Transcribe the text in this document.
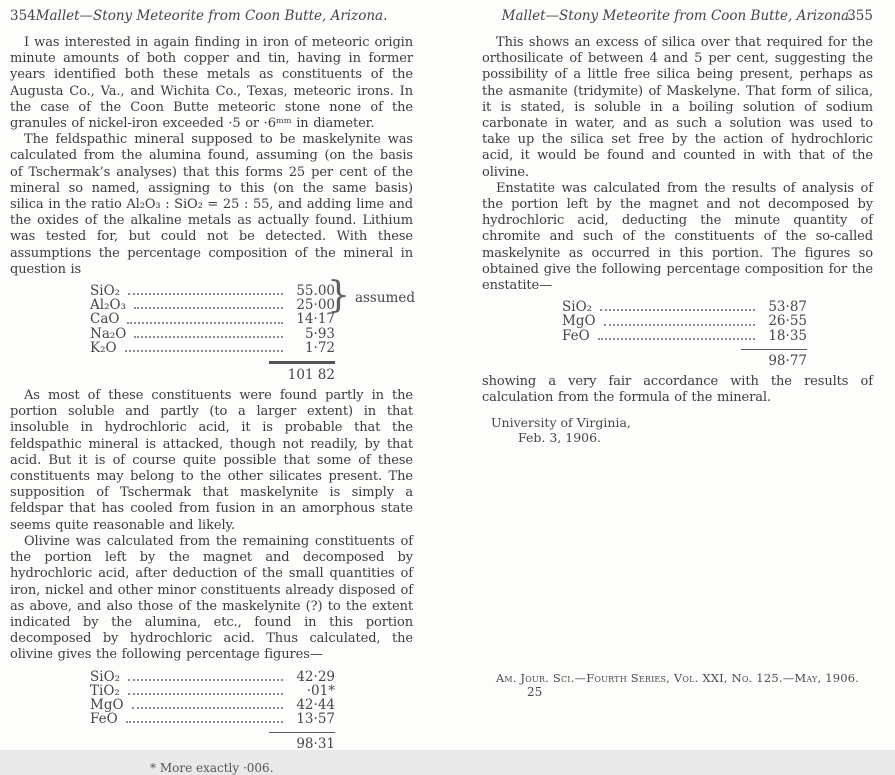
354 Mallet—Stony Meteorite from Coon Butte, Arizona.

I was interested in again finding in iron of meteoric origin minute amounts of both copper and tin, having in former years identified both these metals as constituents of the Augusta Co., Va., and Wichita Co., Texas, meteoric irons. In the case of the Coon Butte meteoric stone none of the granules of nickel-iron exceeded ·5 or ·6ᵐᵐ in diameter.

The feldspathic mineral supposed to be maskelynite was calculated from the alumina found, assuming (on the basis of Tschermak’s analyses) that this forms 25 per cent of the mineral so named, assigning to this (on the same basis) silica in the ratio Al₂O₃ : SiO₂ = 25 : 55, and adding lime and the oxides of the alkaline metals as actually found. Lithium was tested for, but could not be detected. With these assumptions the percentage composition of the mineral in question is

SiO₂	55.00
Al₂O₃	25·00
CaO	14·17
Na₂O	5·93
K₂O	1·72
} assumed
101 82

As most of these constituents were found partly in the portion soluble and partly (to a larger extent) in that insoluble in hydrochloric acid, it is probable that the feldspathic mineral is attacked, though not readily, by that acid. But it is of course quite possible that some of these constituents may belong to the other silicates present. The supposition of Tschermak that maskelynite is simply a feldspar that has cooled from fusion in an amorphous state seems quite reasonable and likely.

Olivine was calculated from the remaining constituents of the portion left by the magnet and decomposed by hydrochloric acid, after deduction of the small quantities of iron, nickel and other minor constituents already disposed of as above, and also those of the maskelynite (?) to the extent indicated by the alumina, etc., found in this portion decomposed by hydrochloric acid. Thus calculated, the olivine gives the following percentage figures—

SiO₂	42·29
TiO₂	·01*
MgO	42·44
FeO	13·57
98·31
* More exactly ·006.
Mallet—Stony Meteorite from Coon Butte, Arizona.
355

This shows an excess of silica over that required for the orthosilicate of between 4 and 5 per cent, suggesting the possibility of a little free silica being present, perhaps as the asmanite (tridymite) of Maskelyne. That form of silica, it is stated, is soluble in a boiling solution of sodium carbonate in water, and as such a solution was used to take up the silica set free by the action of hydrochloric acid, it would be found and counted in with that of the olivine.

Enstatite was calculated from the results of analysis of the portion left by the magnet and not decomposed by hydrochloric acid, deducting the minute quantity of chromite and such of the constituents of the so-called maskelynite as occurred in this portion. The figures so obtained give the following percentage composition for the enstatite—

SiO₂	53·87
MgO	26·55
FeO	18·35
98·77

showing a very fair accordance with the results of calculation from the formula of the mineral.

University of Virginia,
Feb. 3, 1906.
Am. Jour. Sci.—Fourth Series, Vol. XXI, No. 125.—May, 1906.
25
